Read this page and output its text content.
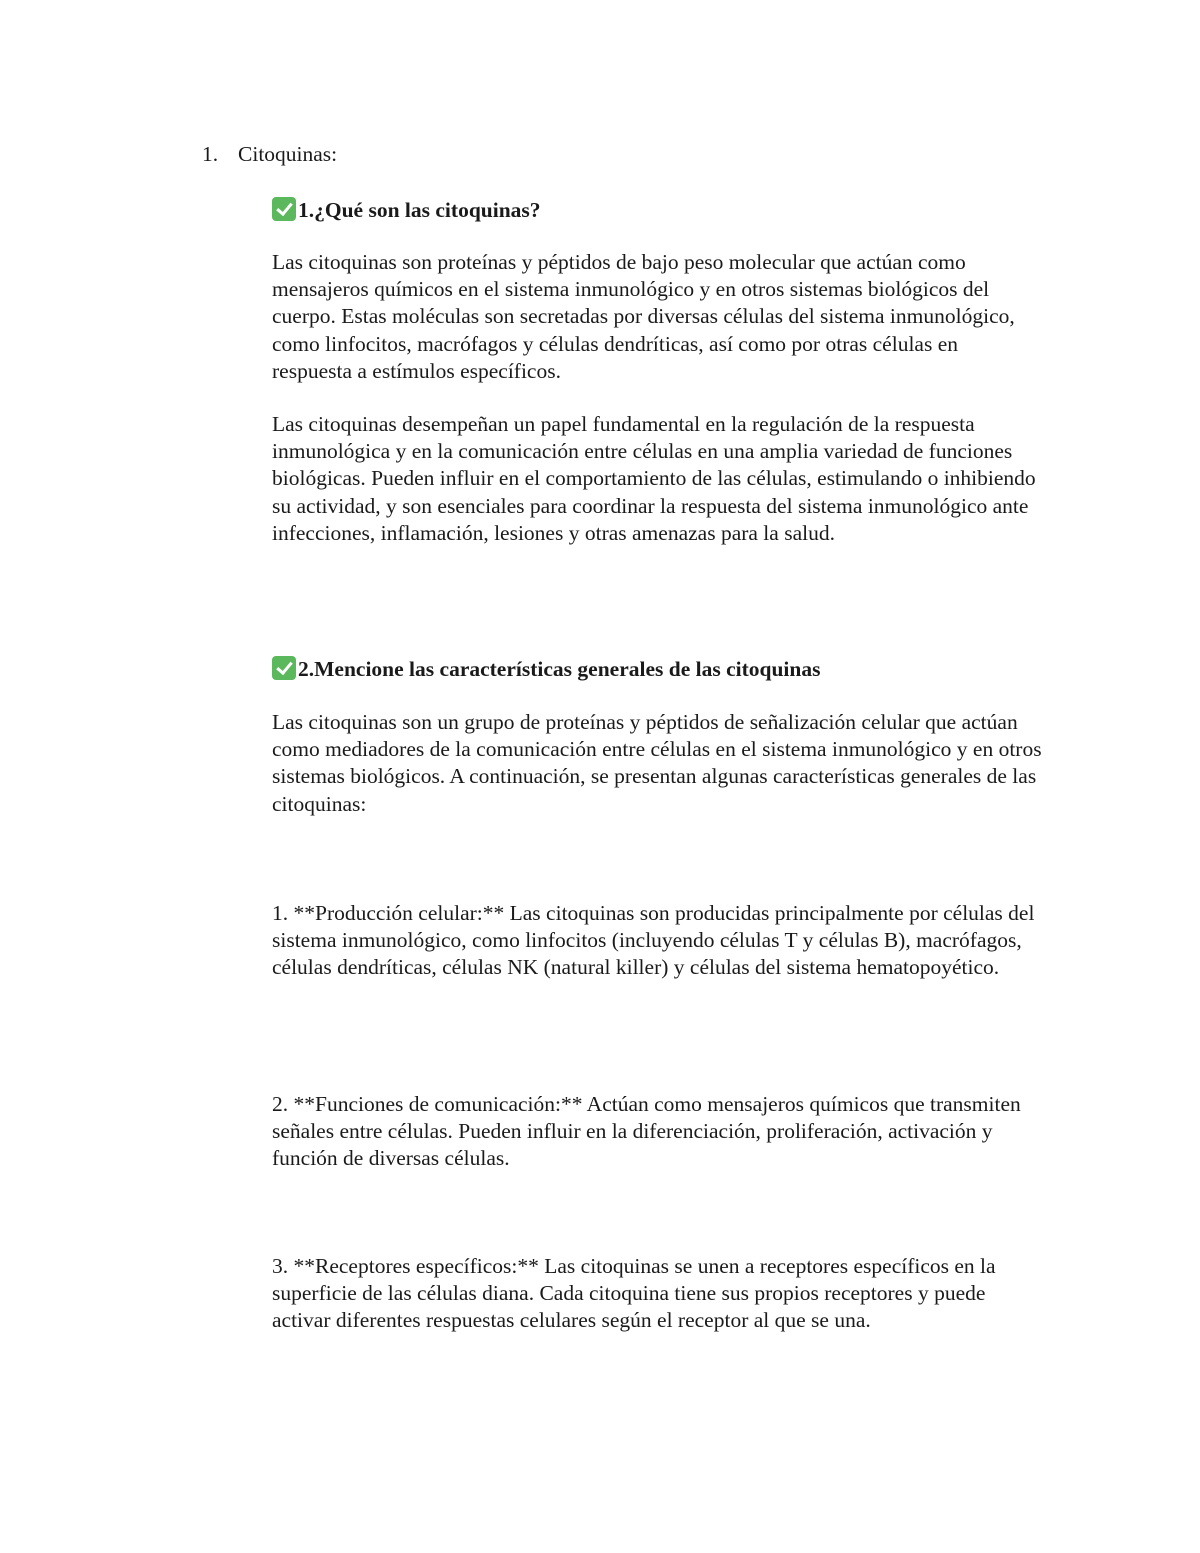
1. Citoquinas:
1.¿Qué son las citoquinas?

Las citoquinas son proteínas y péptidos de bajo peso molecular que actúan como mensajeros químicos en el sistema inmunológico y en otros sistemas biológicos del cuerpo. Estas moléculas son secretadas por diversas células del sistema inmunológico, como linfocitos, macrófagos y células dendríticas, así como por otras células en respuesta a estímulos específicos.

Las citoquinas desempeñan un papel fundamental en la regulación de la respuesta inmunológica y en la comunicación entre células en una amplia variedad de funciones biológicas. Pueden influir en el comportamiento de las células, estimulando o inhibiendo su actividad, y son esenciales para coordinar la respuesta del sistema inmunológico ante infecciones, inflamación, lesiones y otras amenazas para la salud.

2.Mencione las características generales de las citoquinas

Las citoquinas son un grupo de proteínas y péptidos de señalización celular que actúan como mediadores de la comunicación entre células en el sistema inmunológico y en otros sistemas biológicos. A continuación, se presentan algunas características generales de las citoquinas:

1. **Producción celular:** Las citoquinas son producidas principalmente por células del sistema inmunológico, como linfocitos (incluyendo células T y células B), macrófagos, células dendríticas, células NK (natural killer) y células del sistema hematopoyético.

2. **Funciones de comunicación:** Actúan como mensajeros químicos que transmiten señales entre células. Pueden influir en la diferenciación, proliferación, activación y función de diversas células.

3. **Receptores específicos:** Las citoquinas se unen a receptores específicos en la superficie de las células diana. Cada citoquina tiene sus propios receptores y puede activar diferentes respuestas celulares según el receptor al que se una.
